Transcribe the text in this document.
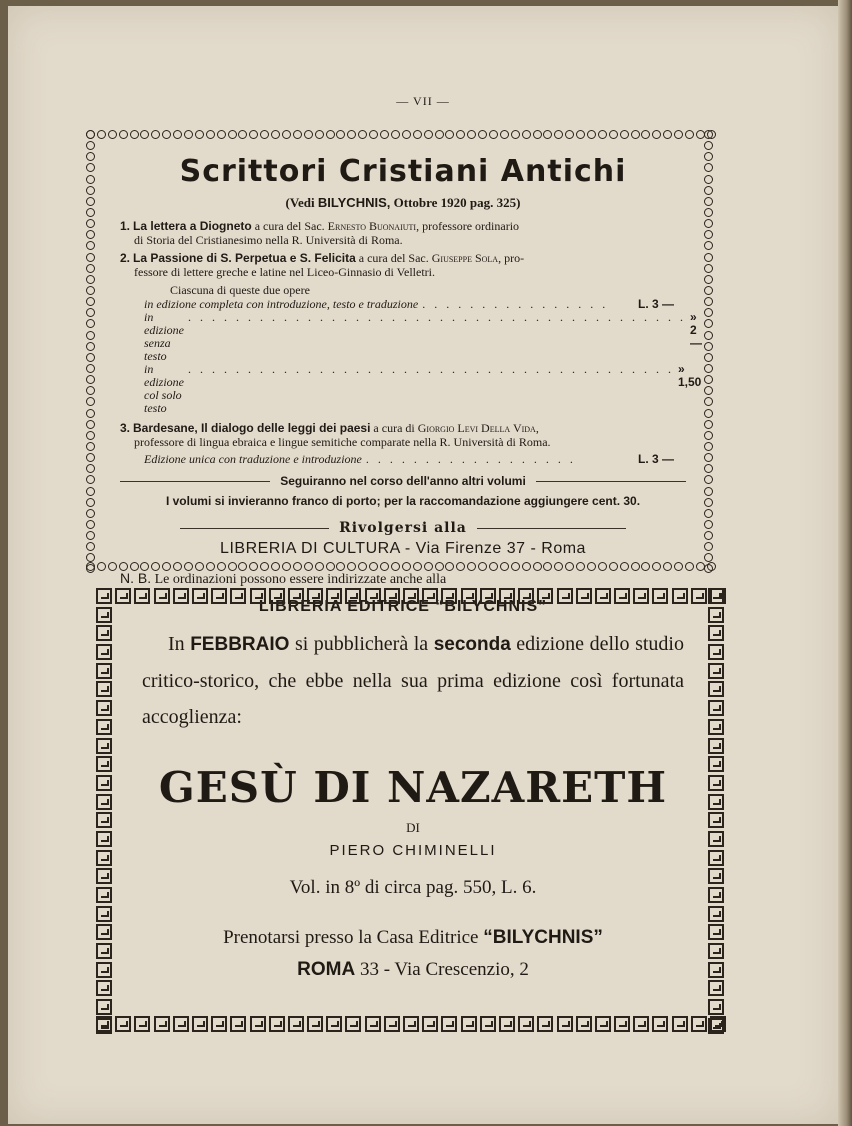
— VII —
Scrittori Cristiani Antichi
(Vedi BILYCHNIS, Ottobre 1920 pag. 325)
1. La lettera a Diogneto a cura del Sac. Ernesto Buonaiuti, professore ordinario
di Storia del Cristianesimo nella R. Università di Roma.
2. La Passione di S. Perpetua e S. Felicita a cura del Sac. Giuseppe Sola, pro-
fessore di lettere greche e latine nel Liceo-Ginnasio di Velletri.
Ciascuna di queste due opere
in edizione completa con introduzione, testo e traduzione . . . . . . . . . . . . . . . .	L. 3 —
in edizione senza testo
. . . . . . . . . . . . . . . . . . . . . . . . . . . . . . . . . . . . . . . . . . » 2 —
in edizione col solo testo
. . . . . . . . . . . . . . . . . . . . . . . . . . . . . . . . . . . . . . . . . » 1,50
3. Bardesane, Il dialogo delle leggi dei paesi a cura di Giorgio Levi Della Vida,
professore di lingua ebraica e lingue semitiche comparate nella R. Università di Roma.
Edizione unica con traduzione e introduzione . . . . . . . . . . . . . . . . . .	L. 3 —
Seguiranno nel corso dell'anno altri volumi
I volumi si invieranno franco di porto; per la raccomandazione aggiungere cent. 30.
Rivolgersi alla
LIBRERIA DI CULTURA - Via Firenze 37 - Roma
N. B. Le ordinazioni possono essere indirizzate anche alla
LIBRERIA EDITRICE “BILYCHNIS”
In FEBBRAIO si pubblicherà la seconda edizione dello studio critico-storico, che ebbe nella sua prima edizione così fortunata accoglienza:
GESÙ DI NAZARETH
DI
PIERO CHIMINELLI
Vol. in 8º di circa pag. 550, L. 6.
Prenotarsi presso la Casa Editrice “BILYCHNIS”
ROMA 33 - Via Crescenzio, 2
